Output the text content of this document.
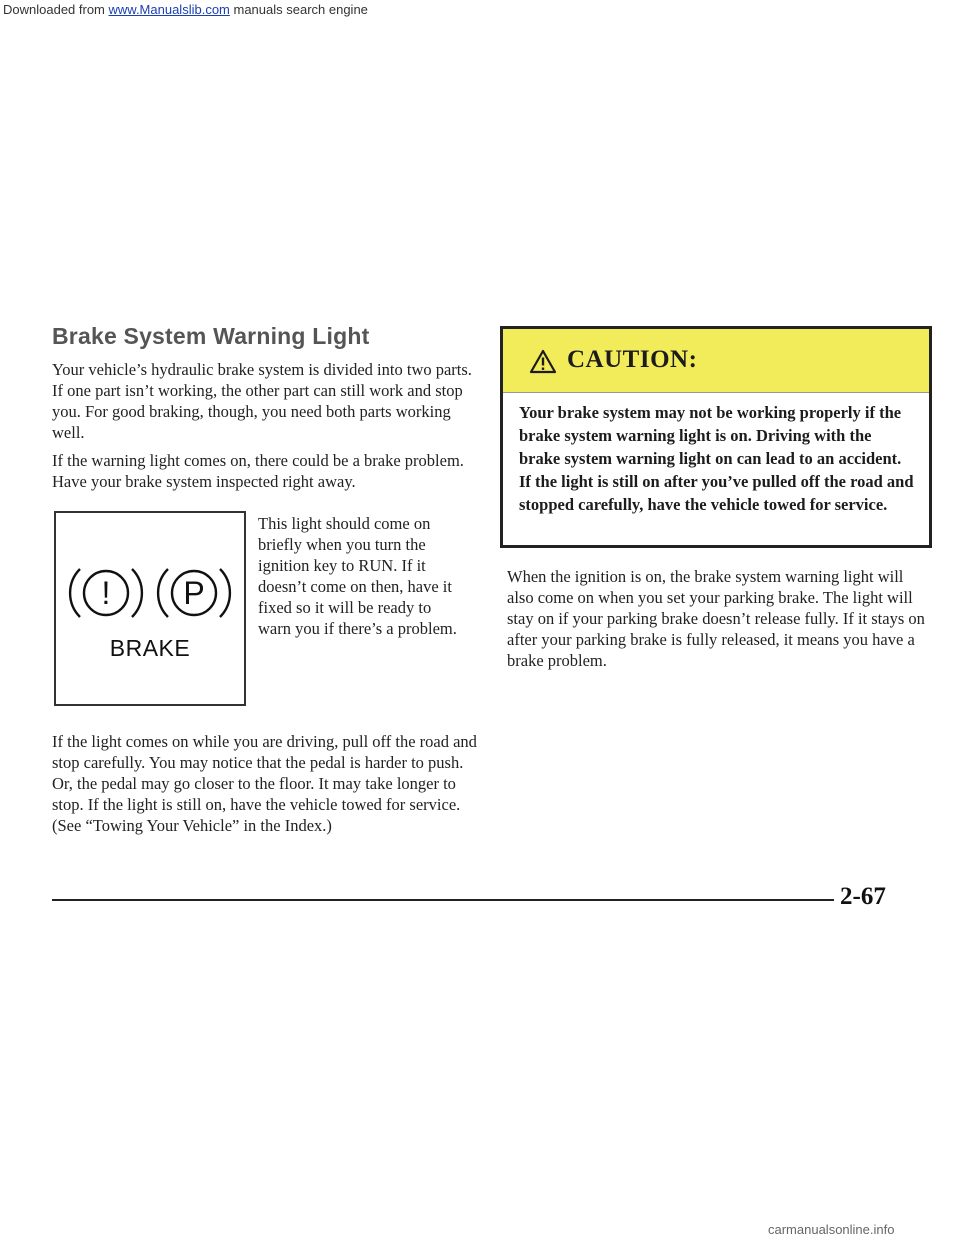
Downloaded from www.Manualslib.com manuals search engine
Brake System Warning Light

Your vehicle’s hydraulic brake system is divided into two parts. If one part isn’t working, the other part can still work and stop you. For good braking, though, you need both parts working well.

If the warning light comes on, there could be a brake problem. Have your brake system inspected right away.

! P
BRAKE

This light should come on briefly when you turn the ignition key to RUN. If it doesn’t come on then, have it fixed so it will be ready to warn you if there’s a problem.

If the light comes on while you are driving, pull off the road and stop carefully. You may notice that the pedal is harder to push. Or, the pedal may go closer to the floor. It may take longer to stop. If the light is still on, have the vehicle towed for service. (See “Towing Your Vehicle” in the Index.)

CAUTION:

Your brake system may not be working properly if the brake system warning light is on. Driving with the brake system warning light on can lead to an accident. If the light is still on after you’ve pulled off the road and stopped carefully, have the vehicle towed for service.

When the ignition is on, the brake system warning light will also come on when you set your parking brake. The light will stay on if your parking brake doesn’t release fully. If it stays on after your parking brake is fully released, it means you have a brake problem.

2-67
carmanualsonline.info
